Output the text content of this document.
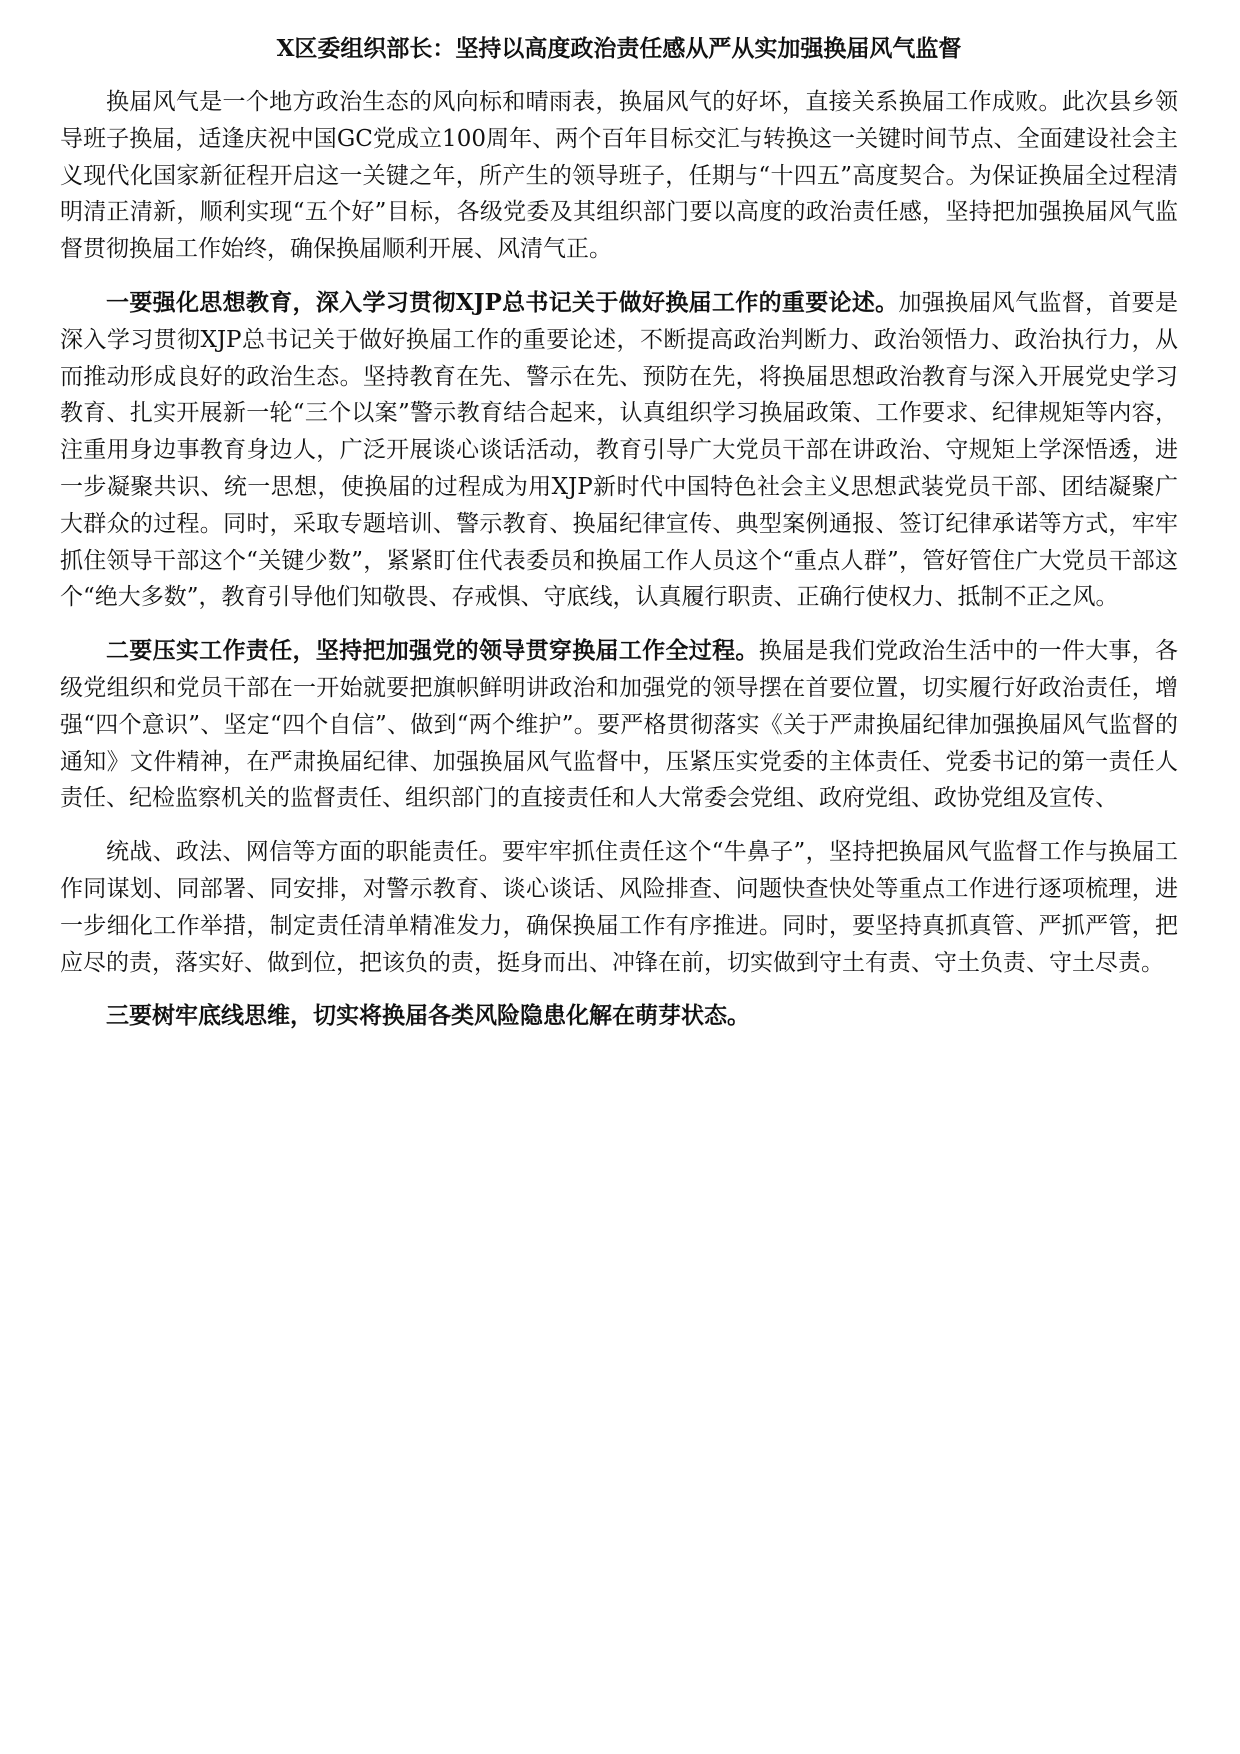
X区委组织部长：坚持以高度政治责任感从严从实加强换届风气监督

换届风气是一个地方政治生态的风向标和晴雨表，换届风气的好坏，直接关系换届工作成败。此次县乡领导班子换届，适逢庆祝中国GC党成立100周年、两个百年目标交汇与转换这一关键时间节点、全面建设社会主义现代化国家新征程开启这一关键之年，所产生的领导班子，任期与“十四五”高度契合。为保证换届全过程清明清正清新，顺利实现“五个好”目标，各级党委及其组织部门要以高度的政治责任感，坚持把加强换届风气监督贯彻换届工作始终，确保换届顺利开展、风清气正。

一要强化思想教育，深入学习贯彻XJP总书记关于做好换届工作的重要论述。加强换届风气监督，首要是深入学习贯彻XJP总书记关于做好换届工作的重要论述，不断提高政治判断力、政治领悟力、政治执行力，从而推动形成良好的政治生态。坚持教育在先、警示在先、预防在先，将换届思想政治教育与深入开展党史学习教育、扎实开展新一轮“三个以案”警示教育结合起来，认真组织学习换届政策、工作要求、纪律规矩等内容，注重用身边事教育身边人，广泛开展谈心谈话活动，教育引导广大党员干部在讲政治、守规矩上学深悟透，进一步凝聚共识、统一思想，使换届的过程成为用XJP新时代中国特色社会主义思想武装党员干部、团结凝聚广大群众的过程。同时，采取专题培训、警示教育、换届纪律宣传、典型案例通报、签订纪律承诺等方式，牢牢抓住领导干部这个“关键少数”，紧紧盯住代表委员和换届工作人员这个“重点人群”，管好管住广大党员干部这个“绝大多数”，教育引导他们知敬畏、存戒惧、守底线，认真履行职责、正确行使权力、抵制不正之风。

二要压实工作责任，坚持把加强党的领导贯穿换届工作全过程。换届是我们党政治生活中的一件大事，各级党组织和党员干部在一开始就要把旗帜鲜明讲政治和加强党的领导摆在首要位置，切实履行好政治责任，增强“四个意识”、坚定“四个自信”、做到“两个维护”。要严格贯彻落实《关于严肃换届纪律加强换届风气监督的通知》文件精神，在严肃换届纪律、加强换届风气监督中，压紧压实党委的主体责任、党委书记的第一责任人责任、纪检监察机关的监督责任、组织部门的直接责任和人大常委会党组、政府党组、政协党组及宣传、

统战、政法、网信等方面的职能责任。要牢牢抓住责任这个“牛鼻子”，坚持把换届风气监督工作与换届工作同谋划、同部署、同安排，对警示教育、谈心谈话、风险排查、问题快查快处等重点工作进行逐项梳理，进一步细化工作举措，制定责任清单精准发力，确保换届工作有序推进。同时，要坚持真抓真管、严抓严管，把应尽的责，落实好、做到位，把该负的责，挺身而出、冲锋在前，切实做到守土有责、守土负责、守土尽责。

三要树牢底线思维，切实将换届各类风险隐患化解在萌芽状态。
